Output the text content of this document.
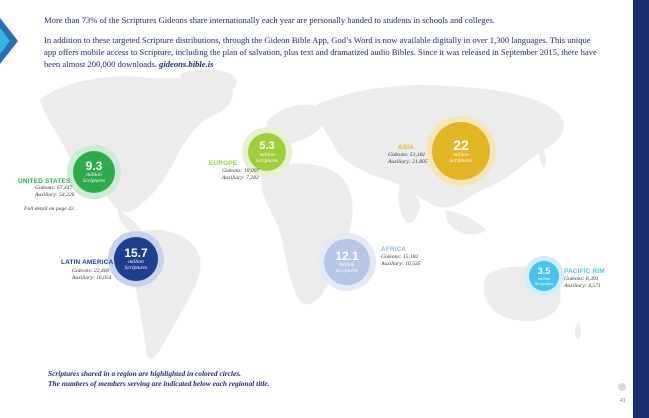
More than 73% of the Scriptures Gideons share internationally each year are personally handed to students in schools and colleges.

In addition to these targeted Scripture distributions, through the Gideon Bible App, God’s Word is now available digitally in over 1,300 languages. This unique app offers mobile access to Scripture, including the plan of salvation, plus text and dramatized audio Bibles. Since it was released in September 2015, there have been almost 200,000 downloads. gideons.bible.is

9.3
million
Scriptures
UNITED STATES
Gideons: 67,447
Auxiliary: 54,226
Full detail on page 42.
15.7
million
Scriptures
LATIN AMERICA
Gideons: 22,400
Auxiliary: 16,054
5.3
million
Scriptures
EUROPE
Gideons: 18,007
Auxiliary: 7,282
22
million
Scriptures
ASIA
Gideons: 51,181
Auxiliary: 21,805
12.1
million
Scriptures
AFRICA
Gideons: 15,182
Auxiliary: 10,535
3.5
million
Scriptures
PACIFIC RIM
Gideons: 8,391
Auxiliary: 4,571
Scriptures shared in a region are highlighted in colored circles.
The numbers of members serving are indicated below each regional title.
41
